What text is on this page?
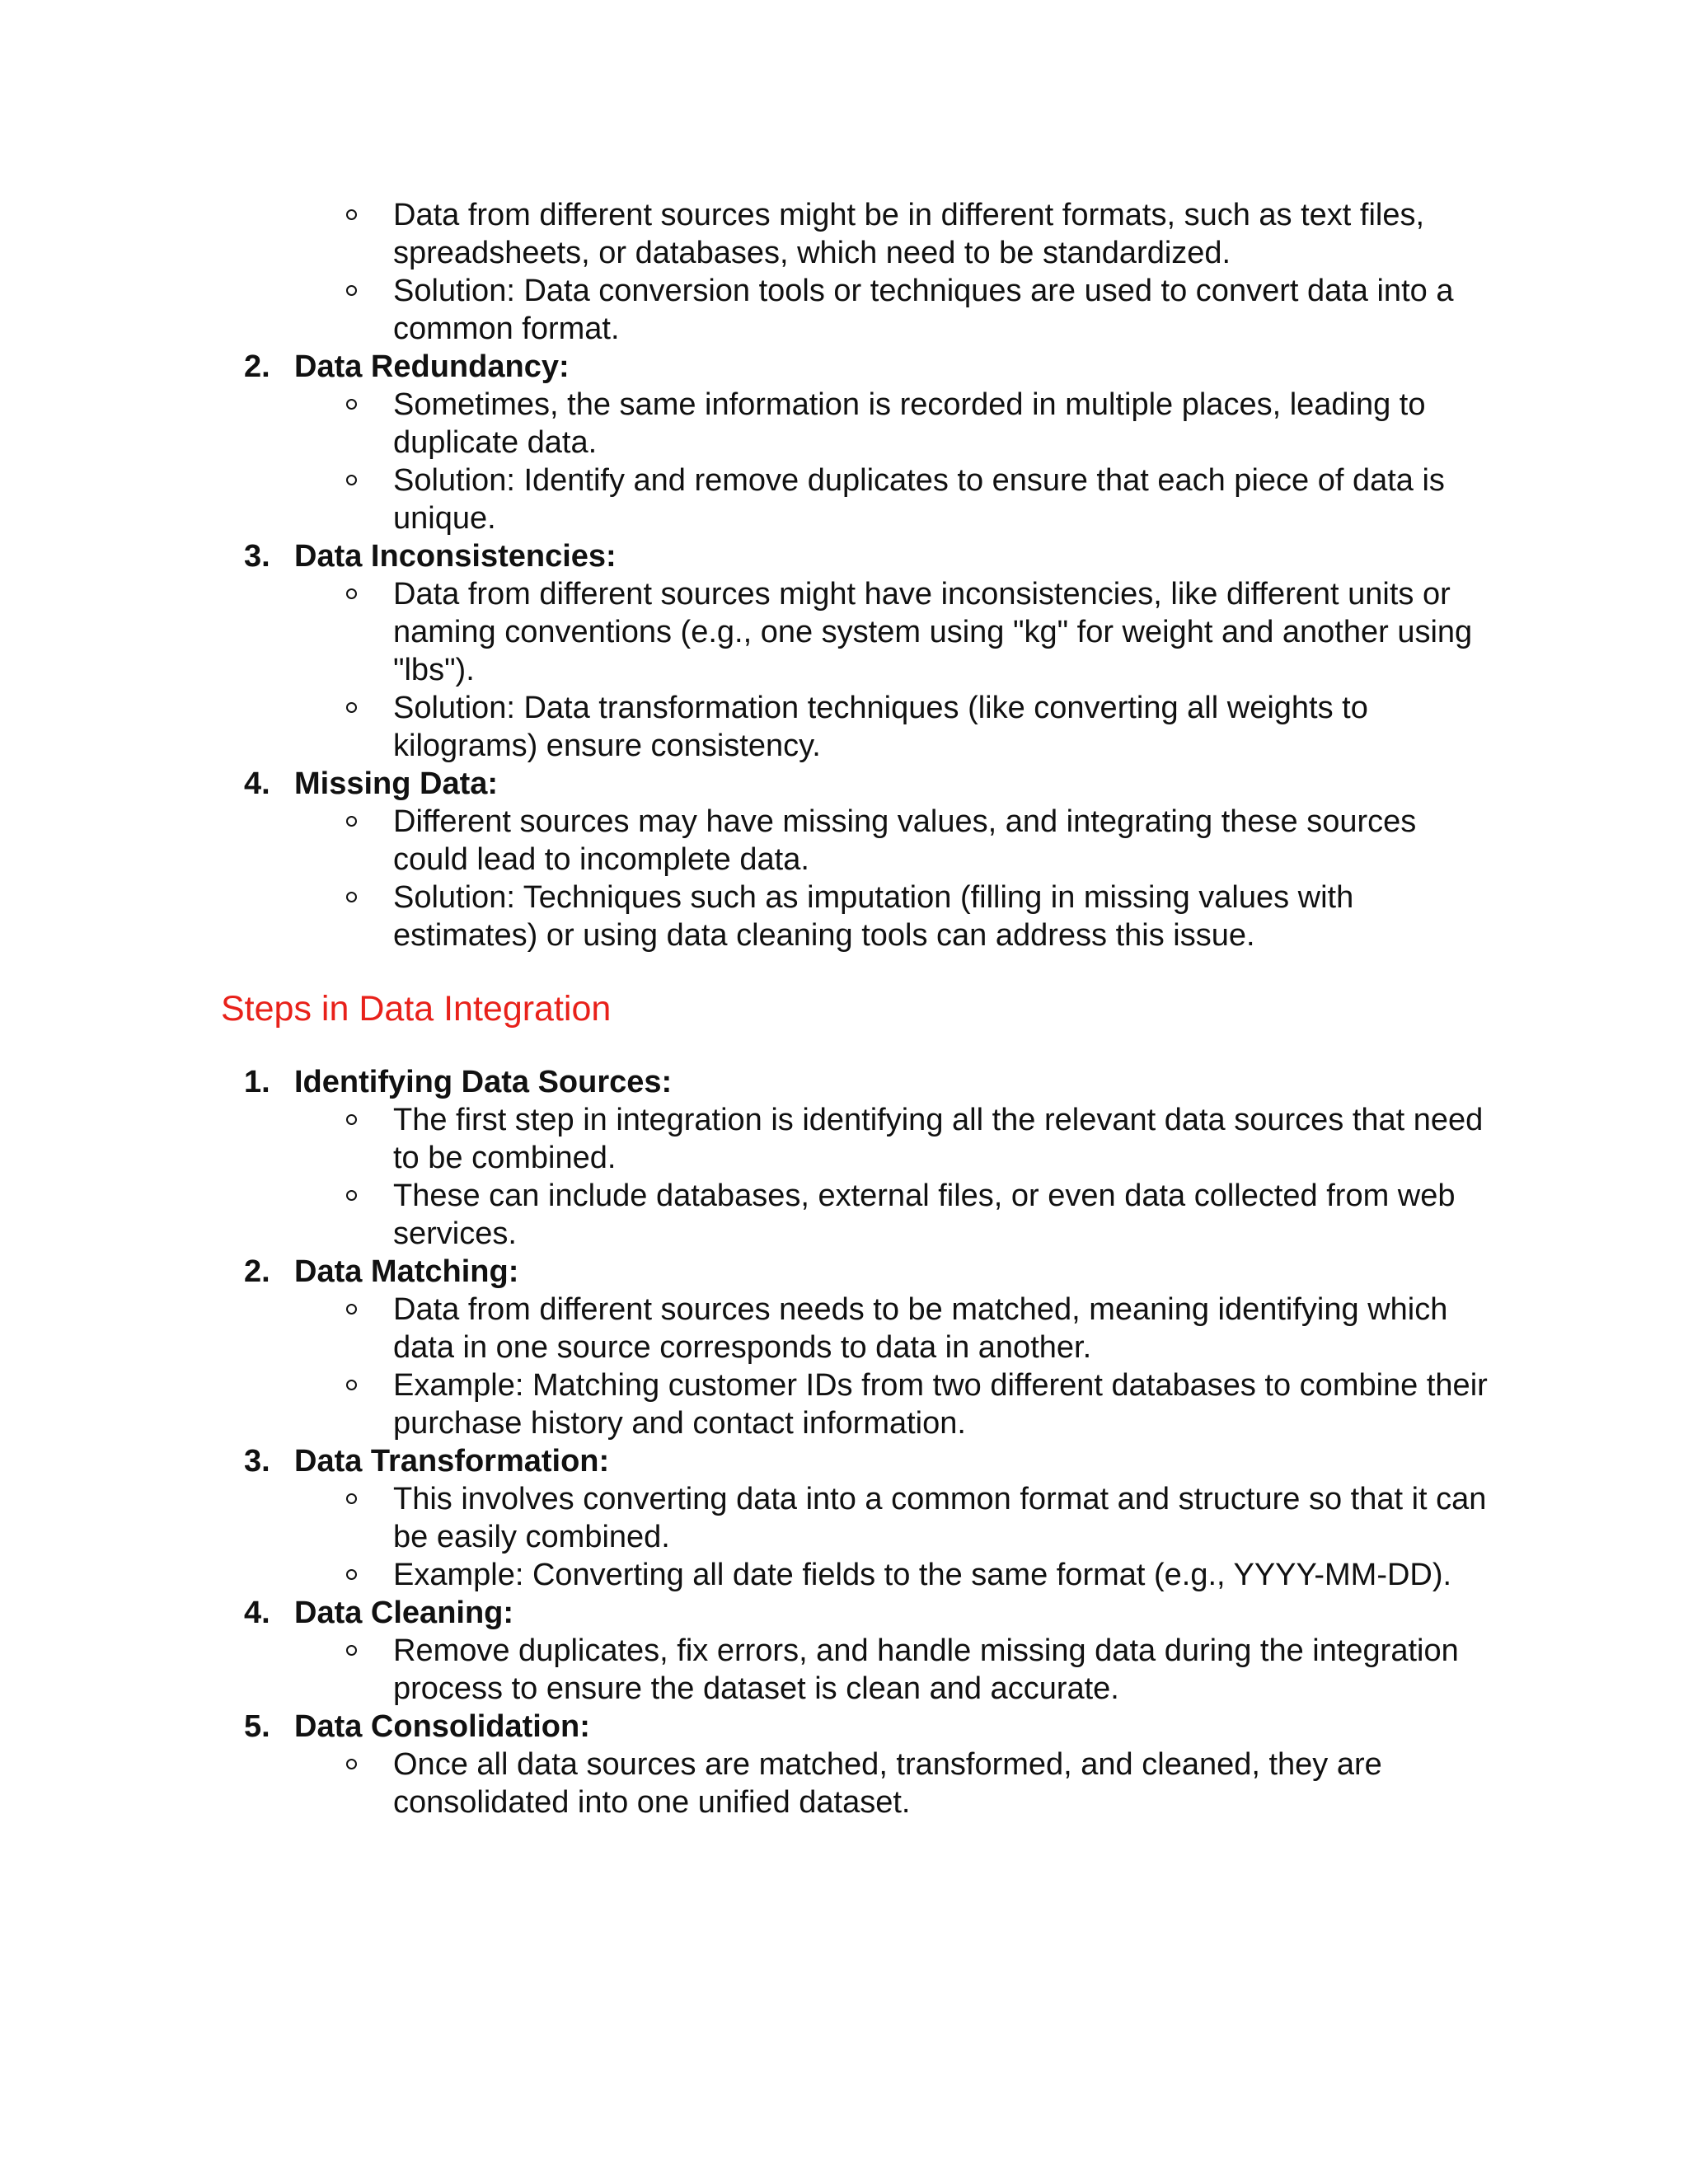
Data from different sources might be in different formats, such as text files, spreadsheets, or databases, which need to be standardized.
Solution: Data conversion tools or techniques are used to convert data into a common format.
2. Data Redundancy:
Sometimes, the same information is recorded in multiple places, leading to duplicate data.
Solution: Identify and remove duplicates to ensure that each piece of data is unique.
3. Data Inconsistencies:
Data from different sources might have inconsistencies, like different units or naming conventions (e.g., one system using "kg" for weight and another using "lbs").
Solution: Data transformation techniques (like converting all weights to kilograms) ensure consistency.
4. Missing Data:
Different sources may have missing values, and integrating these sources could lead to incomplete data.
Solution: Techniques such as imputation (filling in missing values with estimates) or using data cleaning tools can address this issue.
Steps in Data Integration
1. Identifying Data Sources:
The first step in integration is identifying all the relevant data sources that need to be combined.
These can include databases, external files, or even data collected from web services.
2. Data Matching:
Data from different sources needs to be matched, meaning identifying which data in one source corresponds to data in another.
Example: Matching customer IDs from two different databases to combine their purchase history and contact information.
3. Data Transformation:
This involves converting data into a common format and structure so that it can be easily combined.
Example: Converting all date fields to the same format (e.g., YYYY-MM-DD).
4. Data Cleaning:
Remove duplicates, fix errors, and handle missing data during the integration process to ensure the dataset is clean and accurate.
5. Data Consolidation:
Once all data sources are matched, transformed, and cleaned, they are consolidated into one unified dataset.
